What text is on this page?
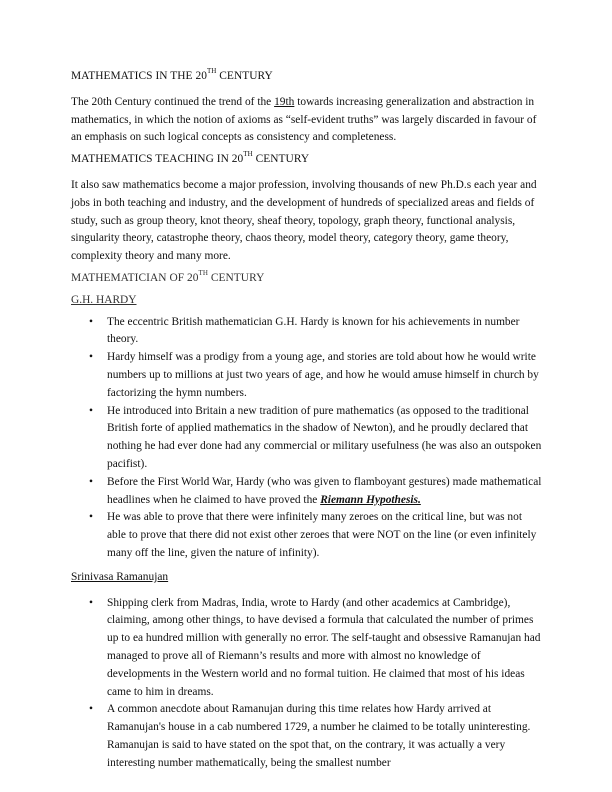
MATHEMATICS IN THE 20TH CENTURY

The 20th Century continued the trend of the 19th towards increasing generalization and abstraction in mathematics, in which the notion of axioms as “self-evident truths” was largely discarded in favour of an emphasis on such logical concepts as consistency and completeness.

MATHEMATICS TEACHING IN 20TH CENTURY

It also saw mathematics become a major profession, involving thousands of new Ph.D.s each year and jobs in both teaching and industry, and the development of hundreds of specialized areas and fields of study, such as group theory, knot theory, sheaf theory, topology, graph theory, functional analysis, singularity theory, catastrophe theory, chaos theory, model theory, category theory, game theory, complexity theory and many more.

MATHEMATICIAN OF 20TH CENTURY

G.H. HARDY

• The eccentric British mathematician G.H. Hardy is known for his achievements in number theory.
• Hardy himself was a prodigy from a young age, and stories are told about how he would write numbers up to millions at just two years of age, and how he would amuse himself in church by factorizing the hymn numbers.
• He introduced into Britain a new tradition of pure mathematics (as opposed to the traditional British forte of applied mathematics in the shadow of Newton), and he proudly declared that nothing he had ever done had any commercial or military usefulness (he was also an outspoken pacifist).
• Before the First World War, Hardy (who was given to flamboyant gestures) made mathematical headlines when he claimed to have proved the Riemann Hypothesis.
• He was able to prove that there were infinitely many zeroes on the critical line, but was not able to prove that there did not exist other zeroes that were NOT on the line (or even infinitely many off the line, given the nature of infinity).

Srinivasa Ramanujan

• Shipping clerk from Madras, India, wrote to Hardy (and other academics at Cambridge), claiming, among other things, to have devised a formula that calculated the number of primes up to ea hundred million with generally no error. The self-taught and obsessive Ramanujan had managed to prove all of Riemann’s results and more with almost no knowledge of developments in the Western world and no formal tuition. He claimed that most of his ideas came to him in dreams.
• A common anecdote about Ramanujan during this time relates how Hardy arrived at Ramanujan's house in a cab numbered 1729, a number he claimed to be totally uninteresting. Ramanujan is said to have stated on the spot that, on the contrary, it was actually a very interesting number mathematically, being the smallest number
